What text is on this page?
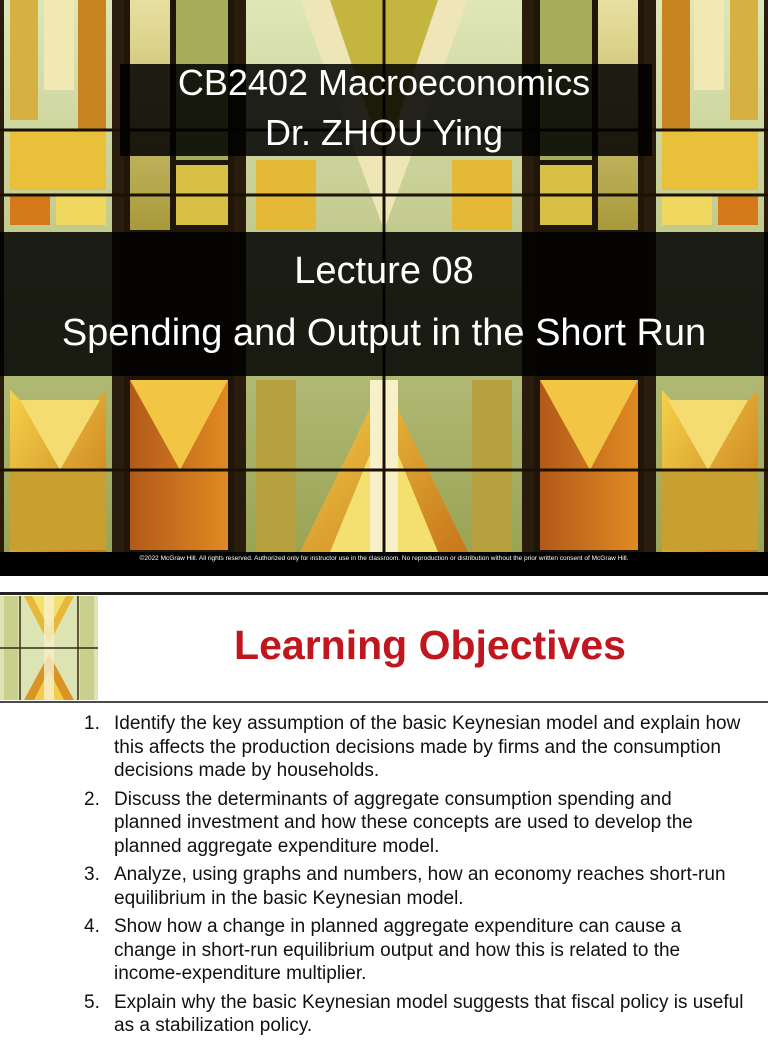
CB2402 Macroeconomics
Dr. ZHOU Ying
Lecture 08
Spending and Output in the Short Run
©2022 McGraw Hill. All rights reserved. Authorized only for instructor use in the classroom. No reproduction or distribution without the prior written consent of McGraw Hill.
Learning Objectives
1. Identify the key assumption of the basic Keynesian model and explain how this affects the production decisions made by firms and the consumption decisions made by households.
2. Discuss the determinants of aggregate consumption spending and planned investment and how these concepts are used to develop the planned aggregate expenditure model.
3. Analyze, using graphs and numbers, how an economy reaches short-run equilibrium in the basic Keynesian model.
4. Show how a change in planned aggregate expenditure can cause a change in short-run equilibrium output and how this is related to the income-expenditure multiplier.
5. Explain why the basic Keynesian model suggests that fiscal policy is useful as a stabilization policy.
